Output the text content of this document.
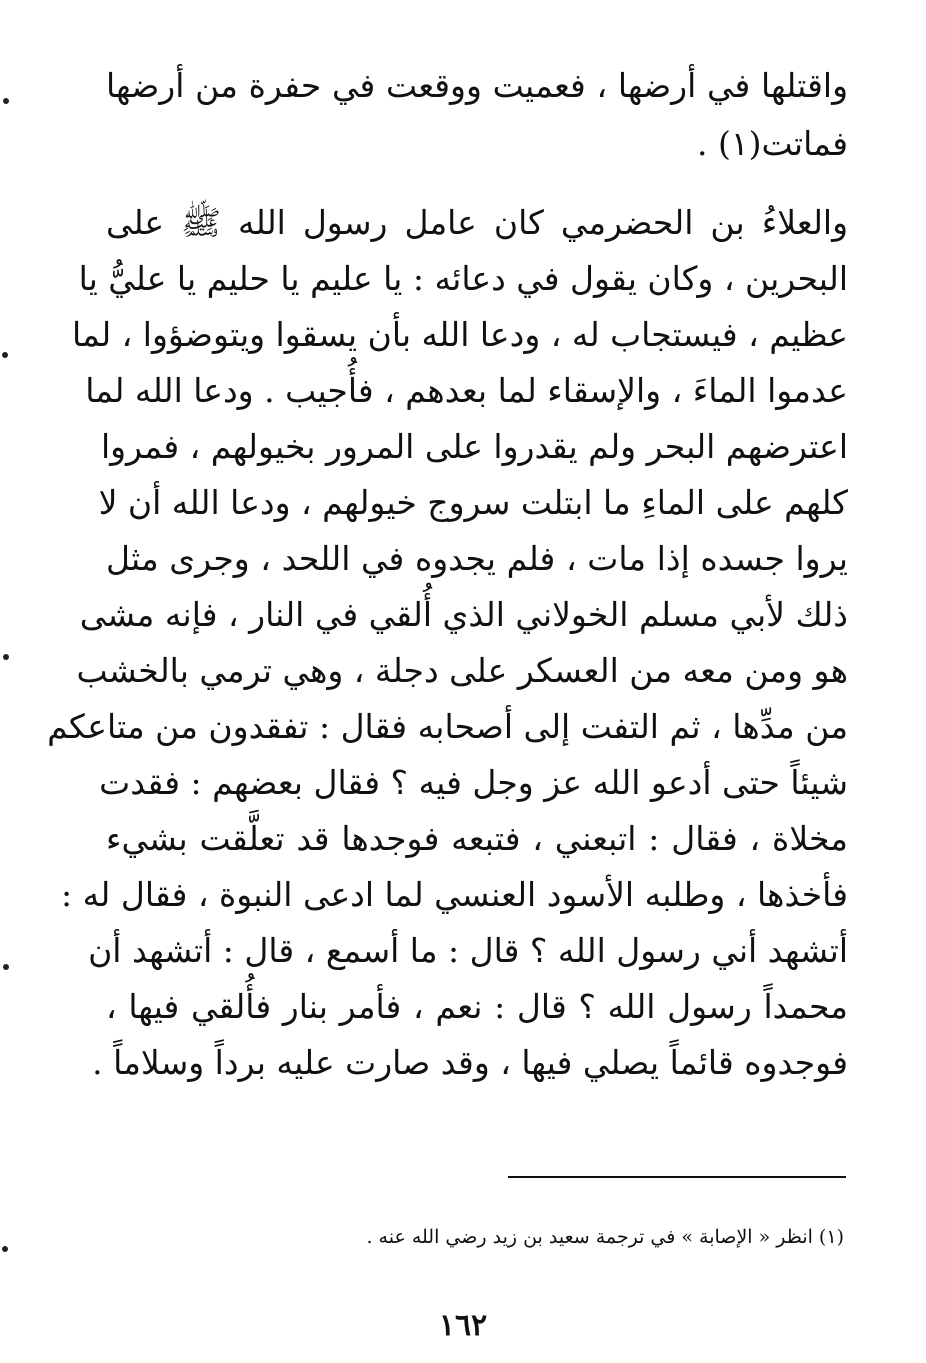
واقتلها في أرضها ، فعميت ووقعت في حفرة من أرضها
فماتت(١) .
والعلاءُ بن الحضرمي كان عامل رسول الله ﷺ على
البحرين ، وكان يقول في دعائه : يا عليم يا حليم يا عليُّ يا
عظيم ، فيستجاب له ، ودعا الله بأن يسقوا ويتوضؤوا ، لما
عدموا الماءَ ، والإسقاء لما بعدهم ، فأُجيب . ودعا الله لما
اعترضهم البحر ولم يقدروا على المرور بخيولهم ، فمروا
كلهم على الماءِ ما ابتلت سروج خيولهم ، ودعا الله أن لا
يروا جسده إذا مات ، فلم يجدوه في اللحد ، وجرى مثل
ذلك لأبي مسلم الخولاني الذي أُلقي في النار ، فإنه مشى
هو ومن معه من العسكر على دجلة ، وهي ترمي بالخشب
من مدِّها ، ثم التفت إلى أصحابه فقال : تفقدون من متاعكم
شيئاً حتى أدعو الله عز وجل فيه ؟ فقال بعضهم : فقدت
مخلاة ، فقال : اتبعني ، فتبعه فوجدها قد تعلَّقت بشيء
فأخذها ، وطلبه الأسود العنسي لما ادعى النبوة ، فقال له :
أتشهد أني رسول الله ؟ قال : ما أسمع ، قال : أتشهد أن
محمداً رسول الله ؟ قال : نعم ، فأمر بنار فأُلقي فيها ،
فوجدوه قائماً يصلي فيها ، وقد صارت عليه برداً وسلاماً .
(١) انظر « الإصابة » في ترجمة سعيد بن زيد رضي الله عنه .
١٦٢
